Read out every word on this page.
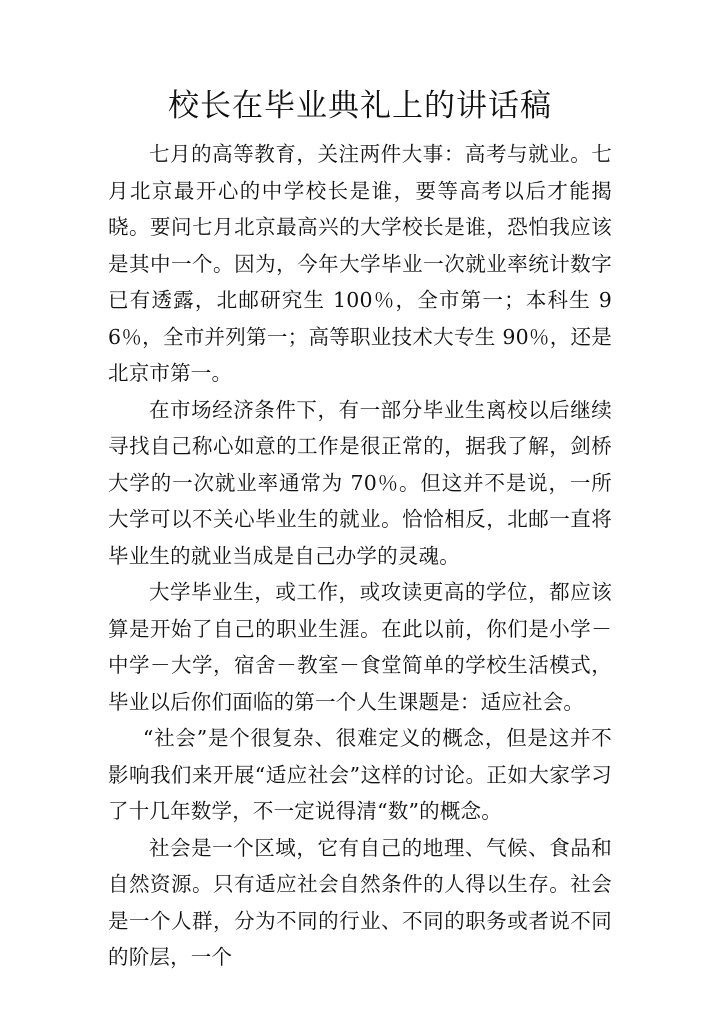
校长在毕业典礼上的讲话稿

七月的高等教育，关注两件大事：高考与就业。七月北京最开心的中学校长是谁，要等高考以后才能揭晓。要问七月北京最高兴的大学校长是谁，恐怕我应该是其中一个。因为，今年大学毕业一次就业率统计数字已有透露，北邮研究生 100％，全市第一；本科生 96％，全市并列第一；高等职业技术大专生 90％，还是北京市第一。

在市场经济条件下，有一部分毕业生离校以后继续寻找自己称心如意的工作是很正常的，据我了解，剑桥大学的一次就业率通常为 70％。但这并不是说，一所大学可以不关心毕业生的就业。恰恰相反，北邮一直将毕业生的就业当成是自己办学的灵魂。

大学毕业生，或工作，或攻读更高的学位，都应该算是开始了自己的职业生涯。在此以前，你们是小学－中学－大学，宿舍－教室－食堂简单的学校生活模式，毕业以后你们面临的第一个人生课题是：适应社会。

“社会”是个很复杂、很难定义的概念，但是这并不影响我们来开展“适应社会”这样的讨论。正如大家学习了十几年数学，不一定说得清“数”的概念。

社会是一个区域，它有自己的地理、气候、食品和自然资源。只有适应社会自然条件的人得以生存。社会是一个人群，分为不同的行业、不同的职务或者说不同的阶层，一个
